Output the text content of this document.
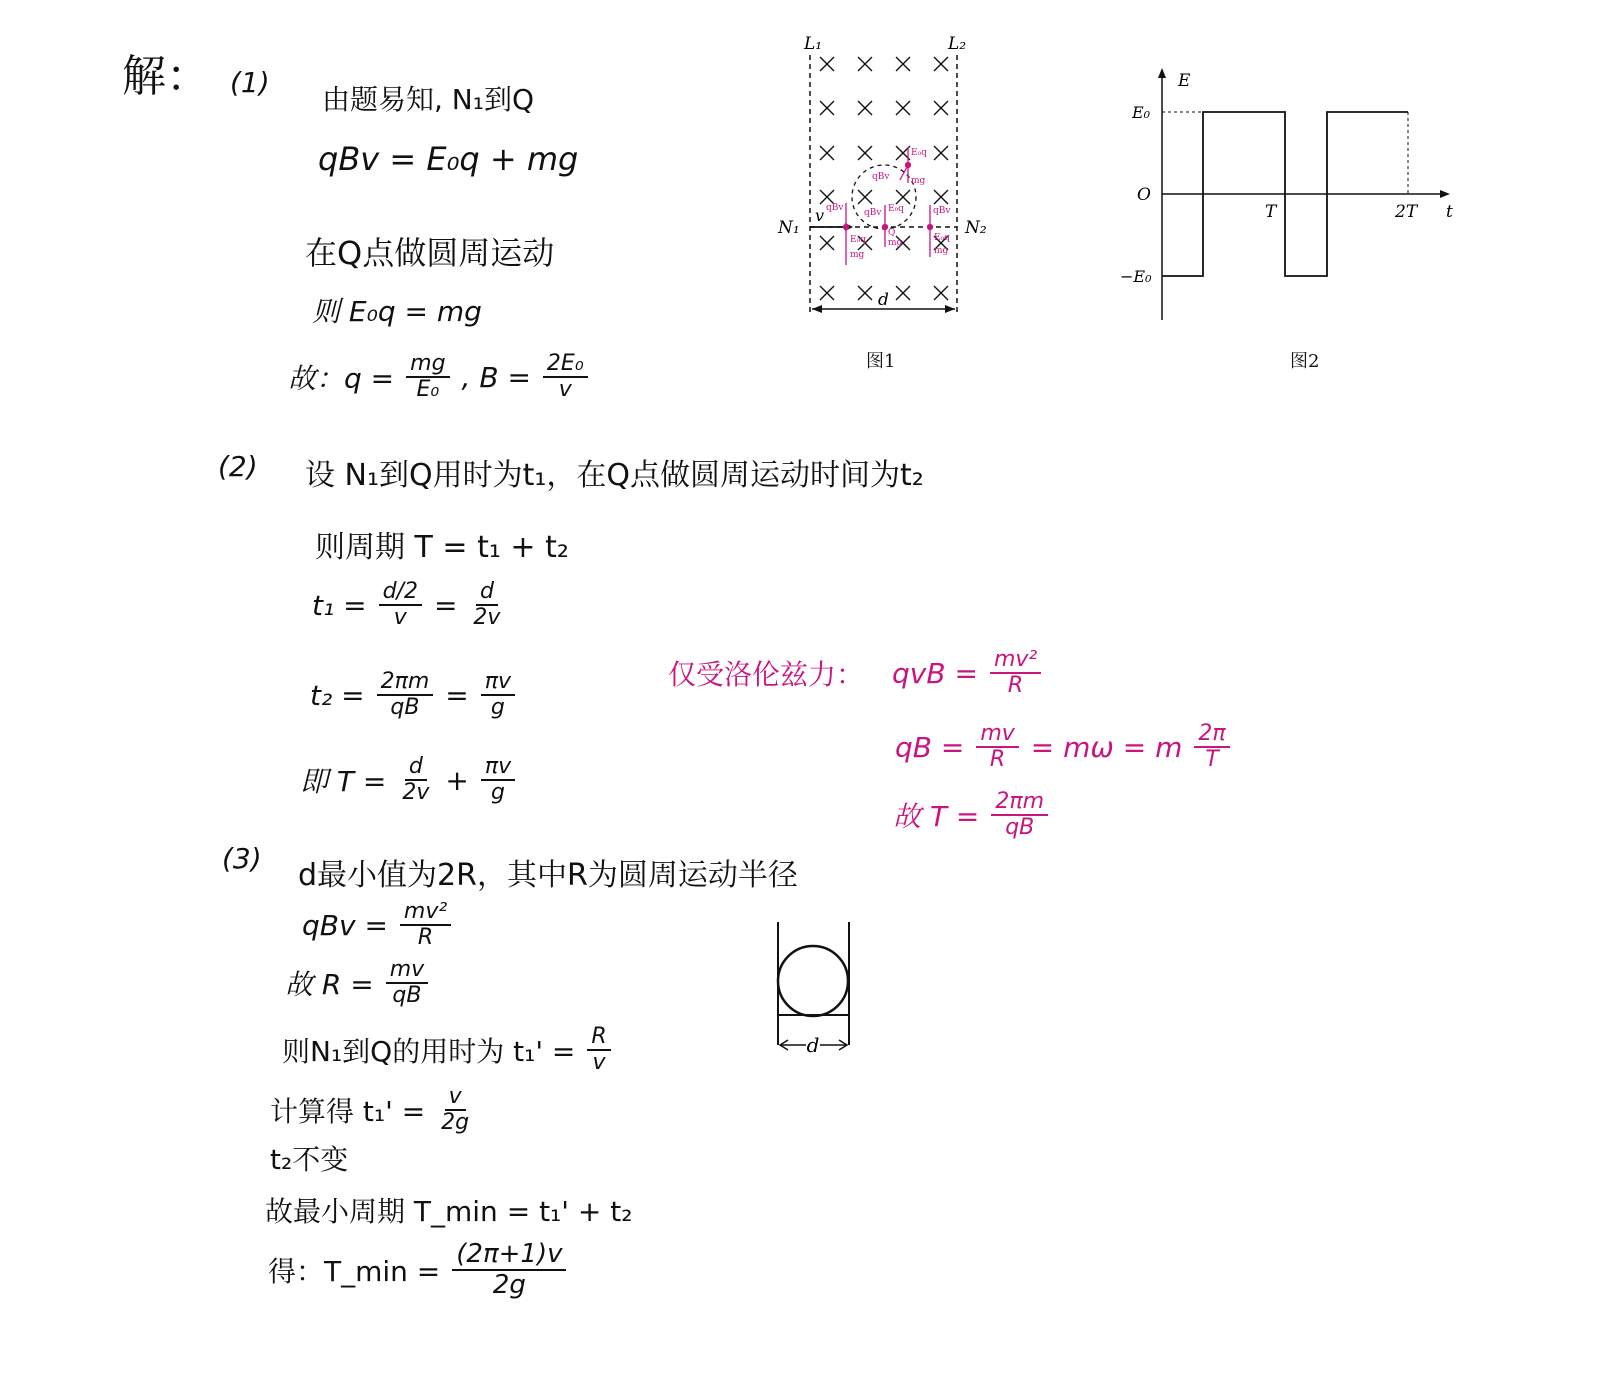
解： (1)
由题易知, N₁到Q
qBv = E₀q + mg
在Q点做圆周运动
则 E₀q = mg
故：$q = \frac{mg}{\text{E₀}}$ , $B = \frac{\text{2E₀}}{v}$
(2) 设 N₁到Q用时为t₁，在Q点做圆周运动时间为t₂
则周期 T = t₁ + t₂
$t_1 = \frac{d/2}{v} = \frac{d}{2v}$
$t_2 = \frac{2\pi m}{qB} = \frac{\pi v}{g}$
即 $T = \frac{d}{2v} + \frac{\pi v}{g}$
仅受洛伦兹力： qvB = $\frac{\text{mv²}}{R}$
qB = $\frac{mv}{R} = m\omega = m \frac{2\pi}{T}$
故 $T = \frac{2\pi m}{qB}$
(3) d最小值为2R，其中R为圆周运动半径
qBv = $\frac{\text{mv²}}{R}$
故 $R = \frac{mv}{qB}$
则N₁到Q的用时为 $t_1' = \frac{R}{v}$
计算得 $t_1' = \frac{v}{2g}$
t₂不变
故最小周期 T_min = t₁' + t₂
得：T_min = $\frac{(2\pi+1)v}{2g}$
d
L₁	L₂
v
N₁	N₂
d
qBv
E₀q
mg
qBv E₀q
mg
Q
qBv
E₀q
mg
E₀q
qBv mg
图1
E
E₀
O
T	2T t
−E₀
图2
